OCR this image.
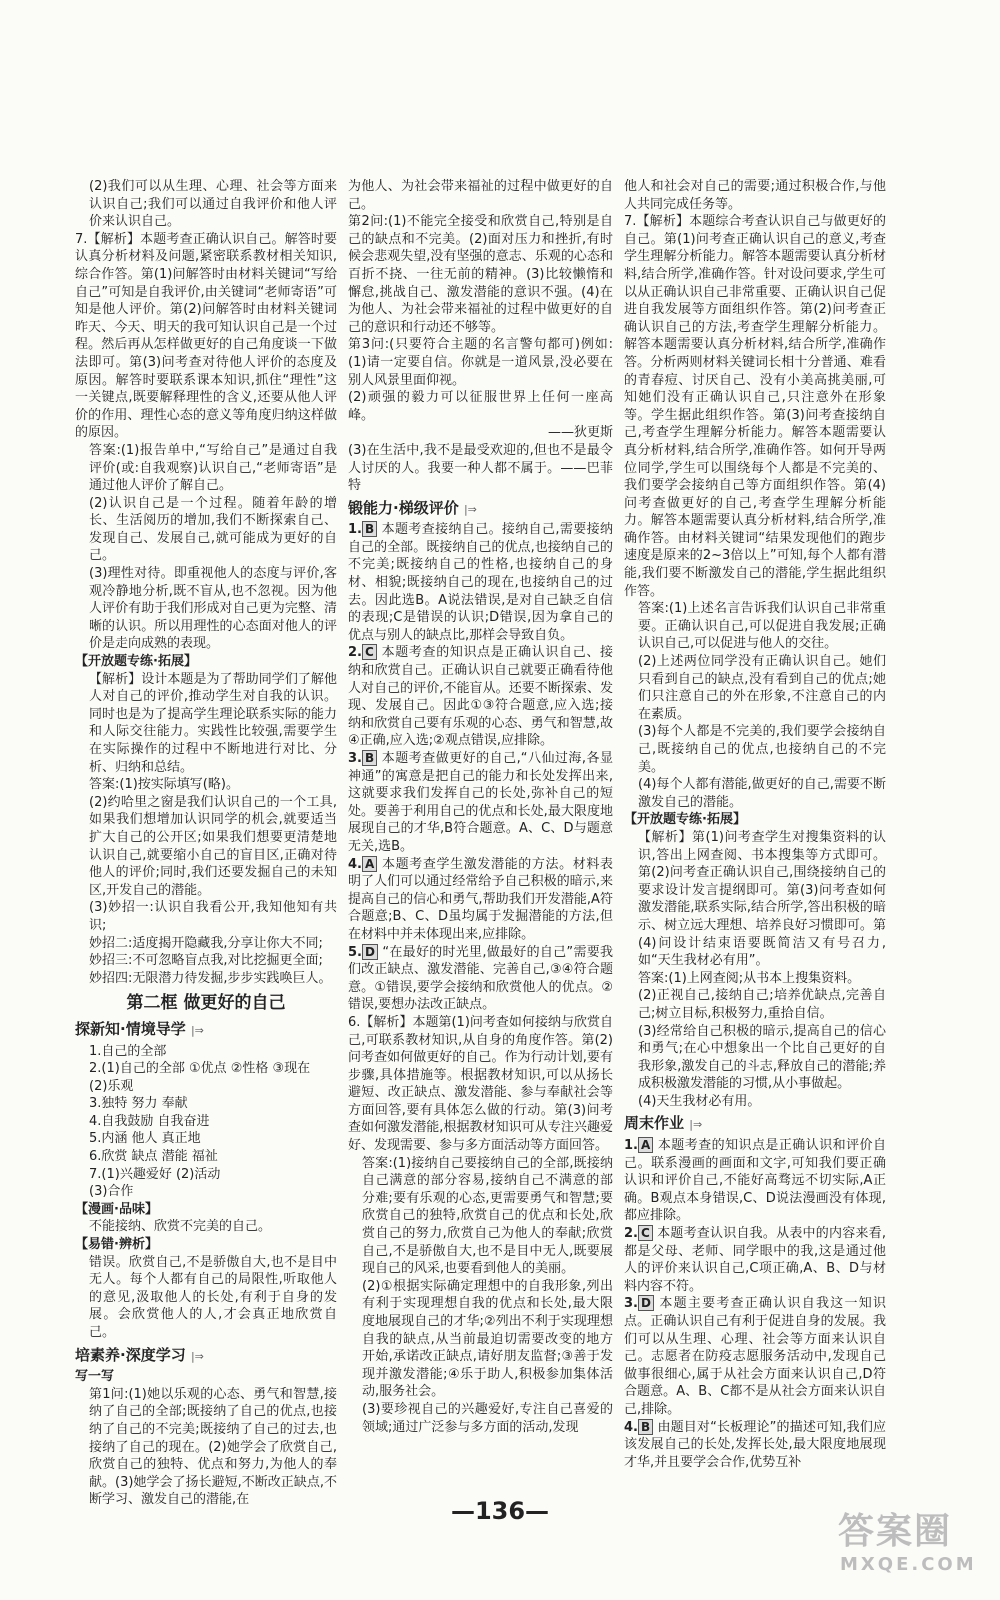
(2)我们可以从生理、心理、社会等方面来认识自己;我们可以通过自我评价和他人评价来认识自己。

7.【解析】本题考查正确认识自己。解答时要认真分析材料及问题,紧密联系教材相关知识,综合作答。第(1)问解答时由材料关键词“写给自己”可知是自我评价,由关键词“老师寄语”可知是他人评价。第(2)问解答时由材料关键词昨天、今天、明天的我可知认识自己是一个过程。然后再从怎样做更好的自己角度谈一下做法即可。第(3)问考查对待他人评价的态度及原因。解答时要联系课本知识,抓住“理性”这一关键点,既要解释理性的含义,还要从他人评价的作用、理性心态的意义等角度归纳这样做的原因。

答案:(1)报告单中,“写给自己”是通过自我评价(或:自我观察)认识自己,“老师寄语”是通过他人评价了解自己。

(2)认识自己是一个过程。随着年龄的增长、生活阅历的增加,我们不断探索自己、发现自己、发展自己,就可能成为更好的自己。

(3)理性对待。即重视他人的态度与评价,客观冷静地分析,既不盲从,也不忽视。因为他人评价有助于我们形成对自己更为完整、清晰的认识。所以用理性的心态面对他人的评价是走向成熟的表现。

【开放题专练·拓展】

【解析】设计本题是为了帮助同学们了解他人对自己的评价,推动学生对自我的认识。同时也是为了提高学生理论联系实际的能力和人际交往能力。实践性比较强,需要学生在实际操作的过程中不断地进行对比、分析、归纳和总结。

答案:(1)按实际填写(略)。

(2)约哈里之窗是我们认识自己的一个工具,如果我们想增加认识同学的机会,就要适当扩大自己的公开区;如果我们想要更清楚地认识自己,就要缩小自己的盲目区,正确对待他人的评价;同时,我们还要发掘自己的未知区,开发自己的潜能。

(3)妙招一:认识自我看公开,我知他知有共识;

妙招二:适度揭开隐藏我,分享让你大不同;

妙招三:不可忽略盲点我,对比挖掘更全面;

妙招四:无限潜力待发掘,步步实践唤巨人。

第二框 做更好的自己
探新知·情境导学 |⇒

1.自己的全部

2.(1)自己的全部 ①优点 ②性格 ③现在

(2)乐观

3.独特 努力 奉献

4.自我鼓励 自我奋进

5.内涵 他人 真正地

6.欣赏 缺点 潜能 福祉

7.(1)兴趣爱好 (2)活动

(3)合作

【漫画·品味】

不能接纳、欣赏不完美的自己。

【易错·辨析】

错误。欣赏自己,不是骄傲自大,也不是目中无人。每个人都有自己的局限性,听取他人的意见,汲取他人的长处,有利于自身的发展。会欣赏他人的人,才会真正地欣赏自己。

培素养·深度学习 |⇒

写一写

第1问:(1)她以乐观的心态、勇气和智慧,接纳了自己的全部;既接纳了自己的优点,也接纳了自己的不完美;既接纳了自己的过去,也接纳了自己的现在。(2)她学会了欣赏自己,欣赏自己的独特、优点和努力,为他人的奉献。(3)她学会了扬长避短,不断改正缺点,不断学习、激发自己的潜能,在

为他人、为社会带来福祉的过程中做更好的自己。

第2问:(1)不能完全接受和欣赏自己,特别是自己的缺点和不完美。(2)面对压力和挫折,有时候会悲观失望,没有坚强的意志、乐观的心态和百折不挠、一往无前的精神。(3)比较懒惰和懈怠,挑战自己、激发潜能的意识不强。(4)在为他人、为社会带来福祉的过程中做更好的自己的意识和行动还不够等。

第3问:(只要符合主题的名言警句都可)例如:(1)请一定要自信。你就是一道风景,没必要在别人风景里面仰视。

(2)顽强的毅力可以征服世界上任何一座高峰。

——狄更斯

(3)在生活中,我不是最受欢迎的,但也不是最令人讨厌的人。我要一种人都不属于。——巴菲特

锻能力·梯级评价 |⇒

1. B 本题考查接纳自己。接纳自己,需要接纳自己的全部。既接纳自己的优点,也接纳自己的不完美;既接纳自己的性格,也接纳自己的身材、相貌;既接纳自己的现在,也接纳自己的过去。因此选B。A说法错误,是对自己缺乏自信的表现;C是错误的认识;D错误,因为拿自己的优点与别人的缺点比,那样会导致自负。

2. C 本题考查的知识点是正确认识自己、接纳和欣赏自己。正确认识自己就要正确看待他人对自己的评价,不能盲从。还要不断探索、发现、发展自己。因此①③符合题意,应入选;接纳和欣赏自己要有乐观的心态、勇气和智慧,故④正确,应入选;②观点错误,应排除。

3. B 本题考查做更好的自己,“八仙过海,各显神通”的寓意是把自己的能力和长处发挥出来,这就要求我们发挥自己的长处,弥补自己的短处。要善于利用自己的优点和长处,最大限度地展现自己的才华,B符合题意。A、C、D与题意无关,选B。

4. A 本题考查学生激发潜能的方法。材料表明了人们可以通过经常给予自己积极的暗示,来提高自己的信心和勇气,帮助我们开发潜能,A符合题意;B、C、D虽均属于发掘潜能的方法,但在材料中并未体现出来,应排除。

5. D “在最好的时光里,做最好的自己”需要我们改正缺点、激发潜能、完善自己,③④符合题意。①错误,要学会接纳和欣赏他人的优点。②错误,要想办法改正缺点。

6.【解析】本题第(1)问考查如何接纳与欣赏自己,可联系教材知识,从自身的角度作答。第(2)问考查如何做更好的自己。作为行动计划,要有步骤,具体措施等。根据教材知识,可以从扬长避短、改正缺点、激发潜能、参与奉献社会等方面回答,要有具体怎么做的行动。第(3)问考查如何激发潜能,根据教材知识可从专注兴趣爱好、发现需要、参与多方面活动等方面回答。

答案:(1)接纳自己要接纳自己的全部,既接纳自己满意的部分容易,接纳自己不满意的部分难;要有乐观的心态,更需要勇气和智慧;要欣赏自己的独特,欣赏自己的优点和长处,欣赏自己的努力,欣赏自己为他人的奉献;欣赏自己,不是骄傲自大,也不是目中无人,既要展现自己的风采,也要看到他人的美丽。

(2)①根据实际确定理想中的自我形象,列出有利于实现理想自我的优点和长处,最大限度地展现自己的才华;②列出不利于实现理想自我的缺点,从当前最迫切需要改变的地方开始,承诺改正缺点,请好朋友监督;③善于发现并激发潜能;④乐于助人,积极参加集体活动,服务社会。

(3)要珍视自己的兴趣爱好,专注自己喜爱的领域;通过广泛参与多方面的活动,发现

他人和社会对自己的需要;通过积极合作,与他人共同完成任务等。

7.【解析】本题综合考查认识自己与做更好的自己。第(1)问考查正确认识自己的意义,考查学生理解分析能力。解答本题需要认真分析材料,结合所学,准确作答。针对设问要求,学生可以从正确认识自己非常重要、正确认识自己促进自我发展等方面组织作答。第(2)问考查正确认识自己的方法,考查学生理解分析能力。解答本题需要认真分析材料,结合所学,准确作答。分析两则材料关键词长相十分普通、难看的青春痘、讨厌自己、没有小美高挑美丽,可知她们没有正确认识自己,只注意外在形象等。学生据此组织作答。第(3)问考查接纳自己,考查学生理解分析能力。解答本题需要认真分析材料,结合所学,准确作答。如何开导两位同学,学生可以围绕每个人都是不完美的、我们要学会接纳自己等方面组织作答。第(4)问考查做更好的自己,考查学生理解分析能力。解答本题需要认真分析材料,结合所学,准确作答。由材料关键词“结果发现他们的跑步速度是原来的2~3倍以上”可知,每个人都有潜能,我们要不断激发自己的潜能,学生据此组织作答。

答案:(1)上述名言告诉我们认识自己非常重要。正确认识自己,可以促进自我发展;正确认识自己,可以促进与他人的交往。

(2)上述两位同学没有正确认识自己。她们只看到自己的缺点,没有看到自己的优点;她们只注意自己的外在形象,不注意自己的内在素质。

(3)每个人都是不完美的,我们要学会接纳自己,既接纳自己的优点,也接纳自己的不完美。

(4)每个人都有潜能,做更好的自己,需要不断激发自己的潜能。

【开放题专练·拓展】

【解析】第(1)问考查学生对搜集资料的认识,答出上网查阅、书本搜集等方式即可。第(2)问考查正确认识自己,围绕接纳自己的要求设计发言提纲即可。第(3)问考查如何激发潜能,联系实际,结合所学,答出积极的暗示、树立远大理想、培养良好习惯即可。第(4)问设计结束语要既简洁又有号召力,如“天生我材必有用”。

答案:(1)上网查阅;从书本上搜集资料。

(2)正视自己,接纳自己;培养优缺点,完善自己;树立目标,积极努力,重拾自信。

(3)经常给自己积极的暗示,提高自己的信心和勇气;在心中想象出一个比自己更好的自我形象,激发自己的斗志,释放自己的潜能;养成积极激发潜能的习惯,从小事做起。

(4)天生我材必有用。

周末作业 |⇒

1. A 本题考查的知识点是正确认识和评价自己。联系漫画的画面和文字,可知我们要正确认识和评价自己,不能好高骛远不切实际,A正确。B观点本身错误,C、D说法漫画没有体现,都应排除。

2. C 本题考查认识自我。从表中的内容来看,都是父母、老师、同学眼中的我,这是通过他人的评价来认识自己,C项正确,A、B、D与材料内容不符。

3. D 本题主要考查正确认识自我这一知识点。正确认识自己有利于促进自身的发展。我们可以从生理、心理、社会等方面来认识自己。志愿者在防疫志愿服务活动中,发现自己做事很细心,属于从社会方面来认识自己,D符合题意。A、B、C都不是从社会方面来认识自己,排除。

4. B 由题目对“长板理论”的描述可知,我们应该发展自己的长处,发挥长处,最大限度地展现才华,并且要学会合作,优势互补

—136—	答案圈
MXQE.COM
